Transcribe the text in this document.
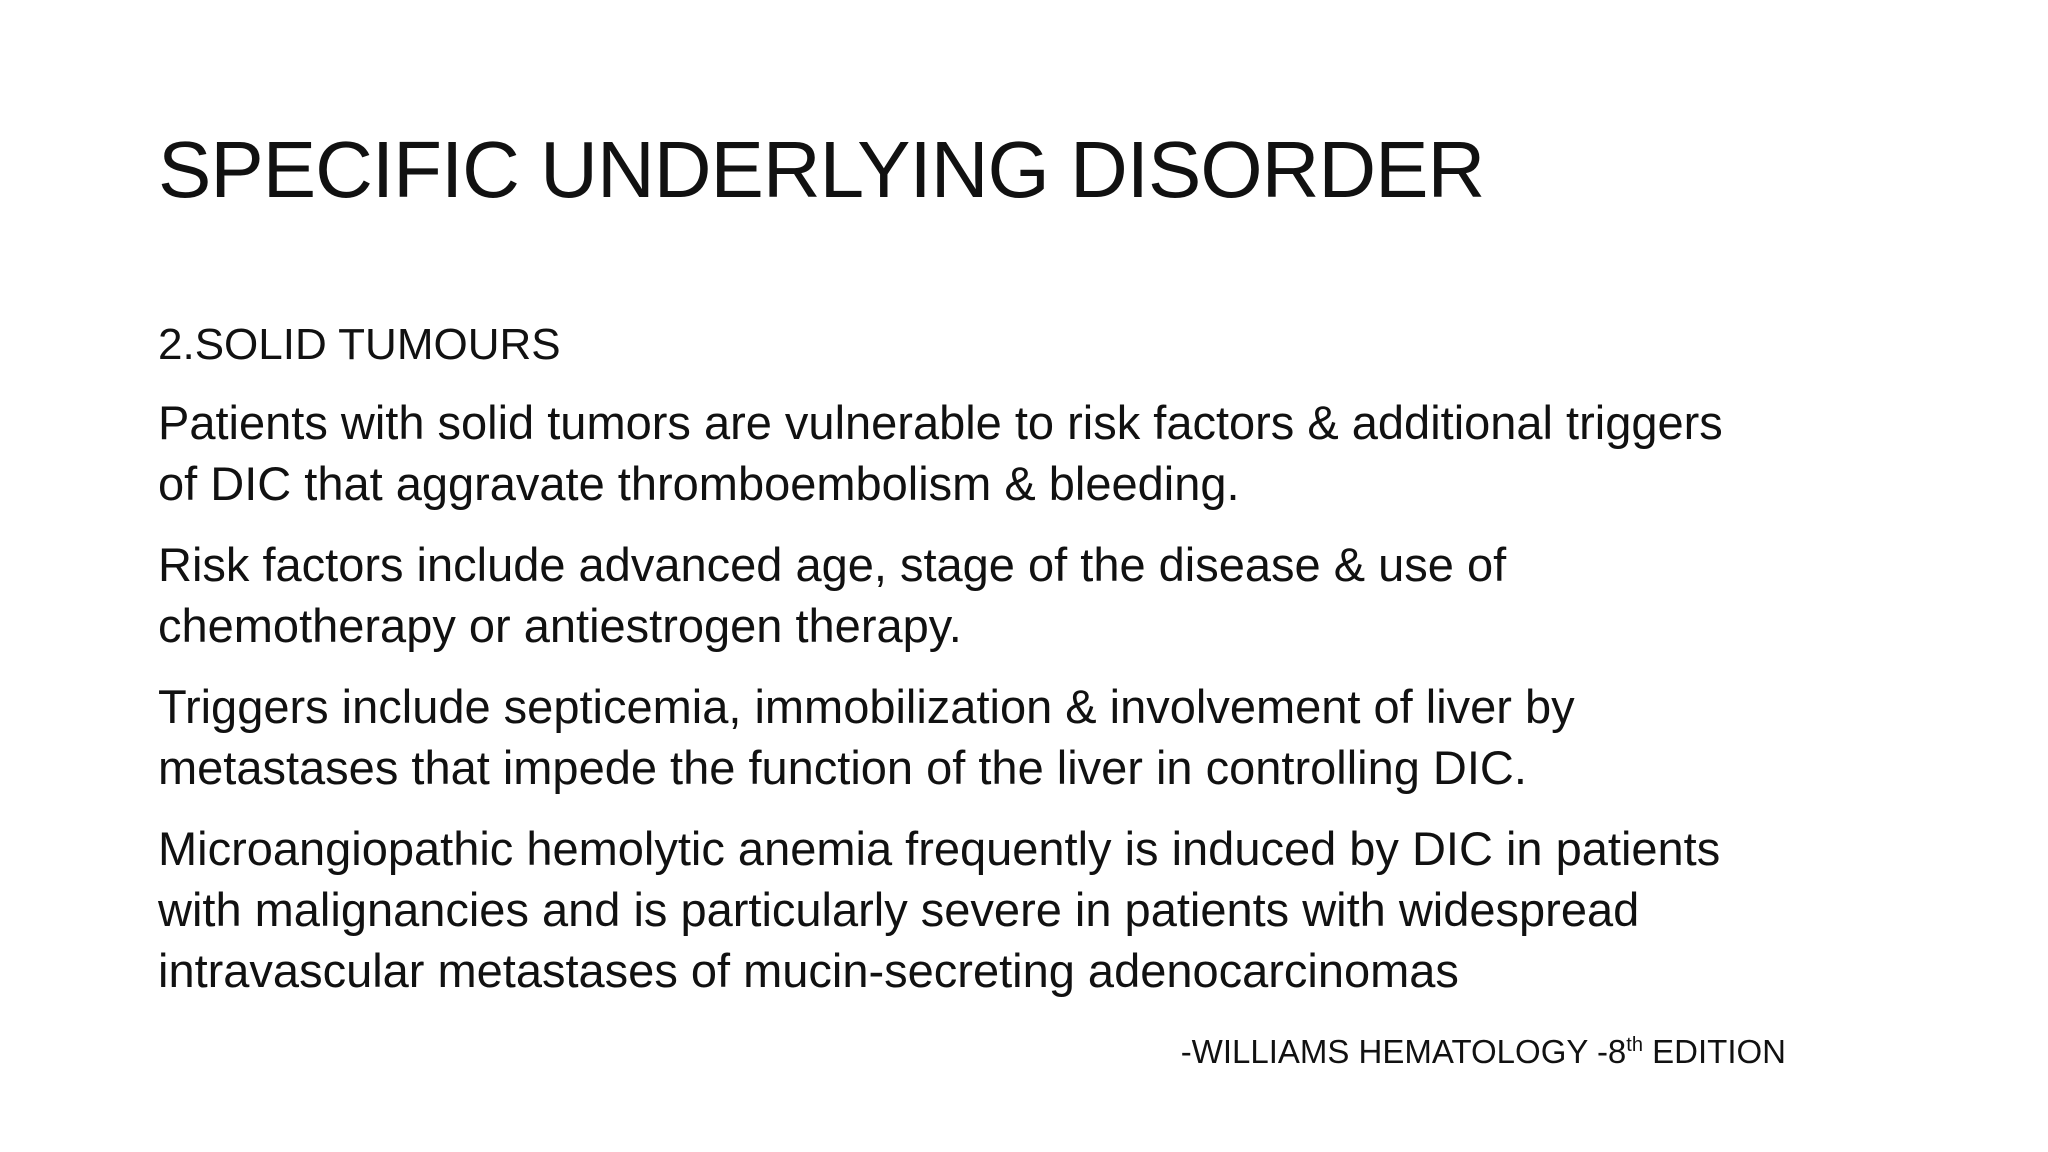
SPECIFIC UNDERLYING DISORDER

2.SOLID TUMOURS

Patients with solid tumors are vulnerable to risk factors & additional triggers
of DIC that aggravate thromboembolism & bleeding.

Risk factors include advanced age, stage of the disease & use of
chemotherapy or antiestrogen therapy.

Triggers include septicemia, immobilization & involvement of liver by
metastases that impede the function of the liver in controlling DIC.

Microangiopathic hemolytic anemia frequently is induced by DIC in patients
with malignancies and is particularly severe in patients with widespread
intravascular metastases of mucin-secreting adenocarcinomas

-WILLIAMS HEMATOLOGY -8th EDITION
